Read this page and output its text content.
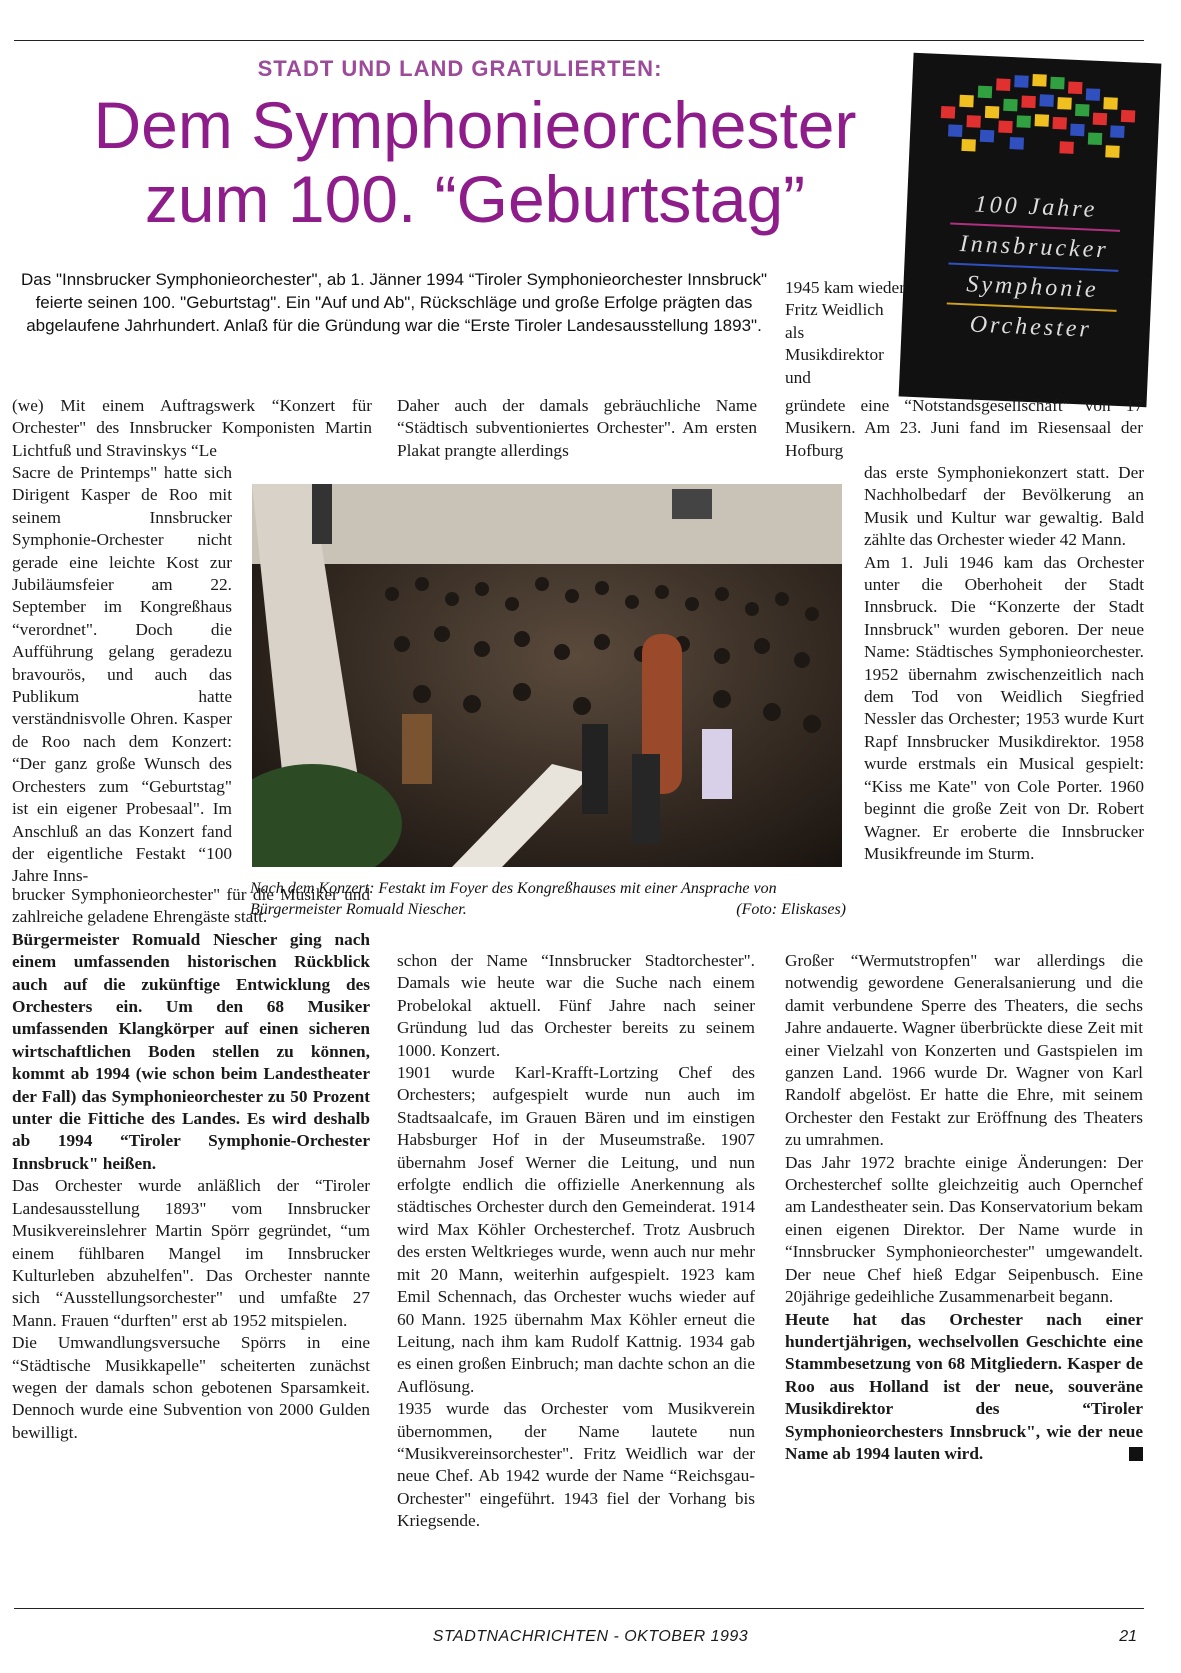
STADT UND LAND GRATULIERTEN:
Dem Symphonieorchester
zum 100. “Geburtstag”
Das "Innsbrucker Symphonieorchester", ab 1. Jänner 1994 “Tiroler Symphonieorchester Innsbruck" feierte seinen 100. "Geburtstag". Ein "Auf und Ab", Rückschläge und große Erfolge prägten das abgelaufene Jahrhundert. Anlaß für die Gründung war die “Erste Tiroler Landesausstellung 1893".
100 Jahre
Innsbrucker
Symphonie
Orchester
(we) Mit einem Auftragswerk “Konzert für Orchester" des Innsbrucker Komponisten Martin Lichtfuß und Stravinskys “Le
Sacre de Printemps" hatte sich Dirigent Kasper de Roo mit seinem Innsbrucker Symphonie-Orchester nicht gerade eine leichte Kost zur Jubiläumsfeier am 22. September im Kongreßhaus “verordnet". Doch die Aufführung gelang geradezu bravourös, und auch das Publikum hatte verständnisvolle Ohren. Kasper de Roo nach dem Konzert: “Der ganz große Wunsch des Orchesters zum “Geburtstag" ist ein eigener Probesaal". Im Anschluß an das Konzert fand der eigentliche Festakt “100 Jahre Inns-

brucker Symphonieorchester" für die Musiker und zahlreiche geladene Ehrengäste statt.

Bürgermeister Romuald Niescher ging nach einem umfassenden historischen Rückblick auch auf die zukünftige Entwicklung des Orchesters ein. Um den 68 Musiker umfassenden Klangkörper auf einen sicheren wirtschaftlichen Boden stellen zu können, kommt ab 1994 (wie schon beim Landestheater der Fall) das Symphonieorchester zu 50 Prozent unter die Fittiche des Landes. Es wird deshalb ab 1994 “Tiroler Symphonie-Orchester Innsbruck" heißen.

Das Orchester wurde anläßlich der “Tiroler Landesausstellung 1893" vom Innsbrucker Musikvereinslehrer Martin Spörr gegründet, “um einem fühlbaren Mangel im Innsbrucker Kulturleben abzuhelfen". Das Orchester nannte sich “Ausstellungsorchester" und umfaßte 27 Mann. Frauen “durften" erst ab 1952 mitspielen.

Die Umwandlungsversuche Spörrs in eine “Städtische Musikkapelle" scheiterten zunächst wegen der damals schon gebotenen Sparsamkeit. Dennoch wurde eine Subvention von 2000 Gulden bewilligt.

Daher auch der damals gebräuchliche Name “Städtisch subventioniertes Orchester". Am ersten Plakat prangte allerdings

schon der Name “Innsbrucker Stadtorchester". Damals wie heute war die Suche nach einem Probelokal aktuell. Fünf Jahre nach seiner Gründung lud das Orchester bereits zu seinem 1000. Konzert.

1901 wurde Karl-Krafft-Lortzing Chef des Orchesters; aufgespielt wurde nun auch im Stadtsaalcafe, im Grauen Bären und im einstigen Habsburger Hof in der Museumstraße. 1907 übernahm Josef Werner die Leitung, und nun erfolgte endlich die offizielle Anerkennung als städtisches Orchester durch den Gemeinderat. 1914 wird Max Köhler Orchesterchef. Trotz Ausbruch des ersten Weltkrieges wurde, wenn auch nur mehr mit 20 Mann, weiterhin aufgespielt. 1923 kam Emil Schennach, das Orchester wuchs wieder auf 60 Mann. 1925 übernahm Max Köhler erneut die Leitung, nach ihm kam Rudolf Kattnig. 1934 gab es einen großen Einbruch; man dachte schon an die Auflösung.

1935 wurde das Orchester vom Musikverein übernommen, der Name lautete nun “Musikvereinsorchester". Fritz Weidlich war der neue Chef. Ab 1942 wurde der Name “Reichsgau-Orchester" eingeführt. 1943 fiel der Vorhang bis Kriegsende.

1945 kam wieder Fritz Weidlich als Musikdirektor und
gründete eine “Notstandsgesellschaft" von 17 Musikern. Am 23. Juni fand im Riesensaal der Hofburg

das erste Symphoniekonzert statt. Der Nachholbedarf der Bevölkerung an Musik und Kultur war gewaltig. Bald zählte das Orchester wieder 42 Mann.

Am 1. Juli 1946 kam das Orchester unter die Oberhoheit der Stadt Innsbruck. Die “Konzerte der Stadt Innsbruck" wurden geboren. Der neue Name: Städtisches Symphonieorchester. 1952 übernahm zwischenzeitlich nach dem Tod von Weidlich Siegfried Nessler das Orchester; 1953 wurde Kurt Rapf Innsbrucker Musikdirektor. 1958 wurde erstmals ein Musical gespielt: “Kiss me Kate" von Cole Porter. 1960 beginnt die große Zeit von Dr. Robert Wagner. Er eroberte die Innsbrucker Musikfreunde im Sturm.

Großer “Wermutstropfen" war allerdings die notwendig gewordene Generalsanierung und die damit verbundene Sperre des Theaters, die sechs Jahre andauerte. Wagner überbrückte diese Zeit mit einer Vielzahl von Konzerten und Gastspielen im ganzen Land. 1966 wurde Dr. Wagner von Karl Randolf abgelöst. Er hatte die Ehre, mit seinem Orchester den Festakt zur Eröffnung des Theaters zu umrahmen.

Das Jahr 1972 brachte einige Änderungen: Der Orchesterchef sollte gleichzeitig auch Opernchef am Landestheater sein. Das Konservatorium bekam einen eigenen Direktor. Der Name wurde in “Innsbrucker Symphonieorchester" umgewandelt. Der neue Chef hieß Edgar Seipenbusch. Eine 20jährige gedeihliche Zusammenarbeit begann.

Heute hat das Orchester nach einer hundertjährigen, wechselvollen Geschichte eine Stammbesetzung von 68 Mitgliedern. Kasper de Roo aus Holland ist der neue, souveräne Musikdirektor des “Tiroler Symphonieorchesters Innsbruck", wie der neue Name ab 1994 lauten wird.

Nach dem Konzert: Festakt im Foyer des Kongreßhauses mit einer Ansprache von Bürgermeister Romuald Niescher.	(Foto: Eliskases)
STADTNACHRICHTEN - OKTOBER 1993	21
